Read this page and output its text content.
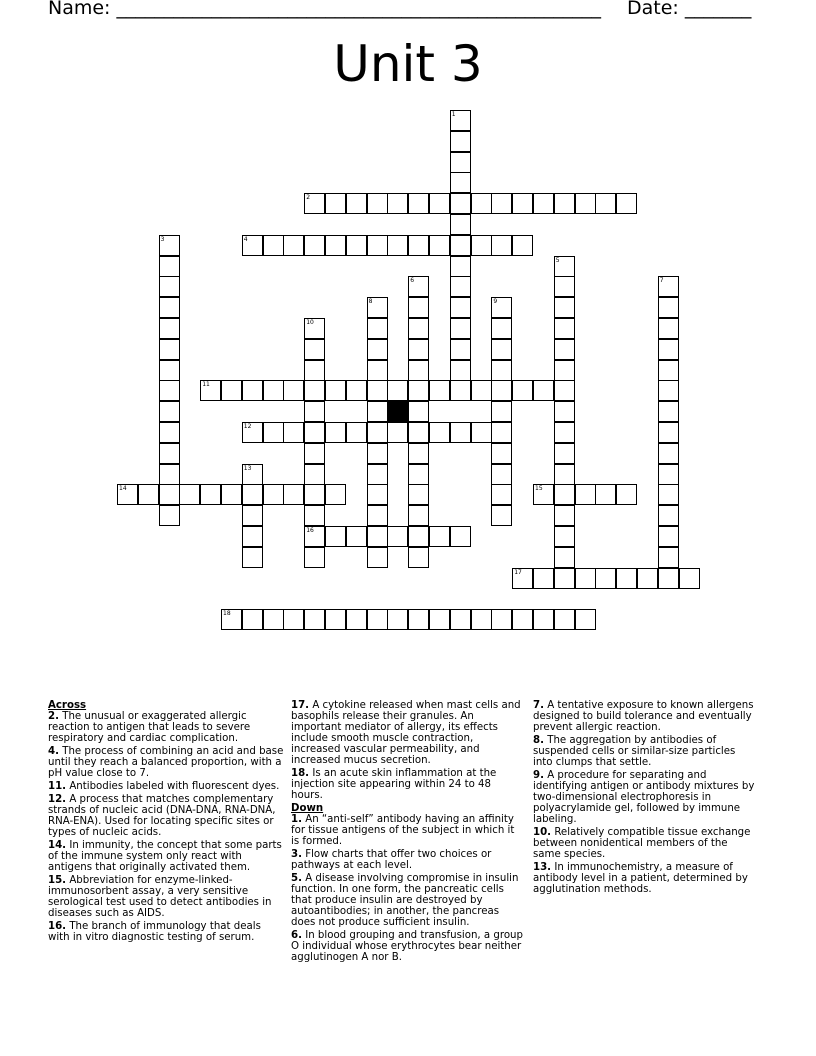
Name: ___________________________________________________ Date: _______
Unit 3
1
2
3	4
5
6	7
8	9
10
16
11
12
13
14	15
17
18
Across
2. The unusual or exaggerated allergic reaction to antigen that leads to severe respiratory and cardiac complication.
4. The process of combining an acid and base until they reach a balanced proportion, with a pH value close to 7.
11. Antibodies labeled with fluorescent dyes.
12. A process that matches complementary strands of nucleic acid (DNA-DNA, RNA-DNA, RNA-ENA). Used for locating specific sites or types of nucleic acids.
14. In immunity, the concept that some parts of the immune system only react with antigens that originally activated them.
15. Abbreviation for enzyme-linked-immunosorbent assay, a very sensitive serological test used to detect antibodies in diseases such as AIDS.
16. The branch of immunology that deals with in vitro diagnostic testing of serum.
17. A cytokine released when mast cells and basophils release their granules. An important mediator of allergy, its effects include smooth muscle contraction, increased vascular permeability, and increased mucus secretion.
18. Is an acute skin inflammation at the injection site appearing within 24 to 48 hours.
Down
1. An “anti-self” antibody having an affinity for tissue antigens of the subject in which it is formed.
3. Flow charts that offer two choices or pathways at each level.
5. A disease involving compromise in insulin function. In one form, the pancreatic cells that produce insulin are destroyed by autoantibodies; in another, the pancreas does not produce sufficient insulin.
6. In blood grouping and transfusion, a group O individual whose erythrocytes bear neither agglutinogen A nor B.
7. A tentative exposure to known allergens designed to build tolerance and eventually prevent allergic reaction.
8. The aggregation by antibodies of suspended cells or similar-size particles into clumps that settle.
9. A procedure for separating and identifying antigen or antibody mixtures by two-dimensional electrophoresis in polyacrylamide gel, followed by immune labeling.
10. Relatively compatible tissue exchange between nonidentical members of the same species.
13. In immunochemistry, a measure of antibody level in a patient, determined by agglutination methods.
